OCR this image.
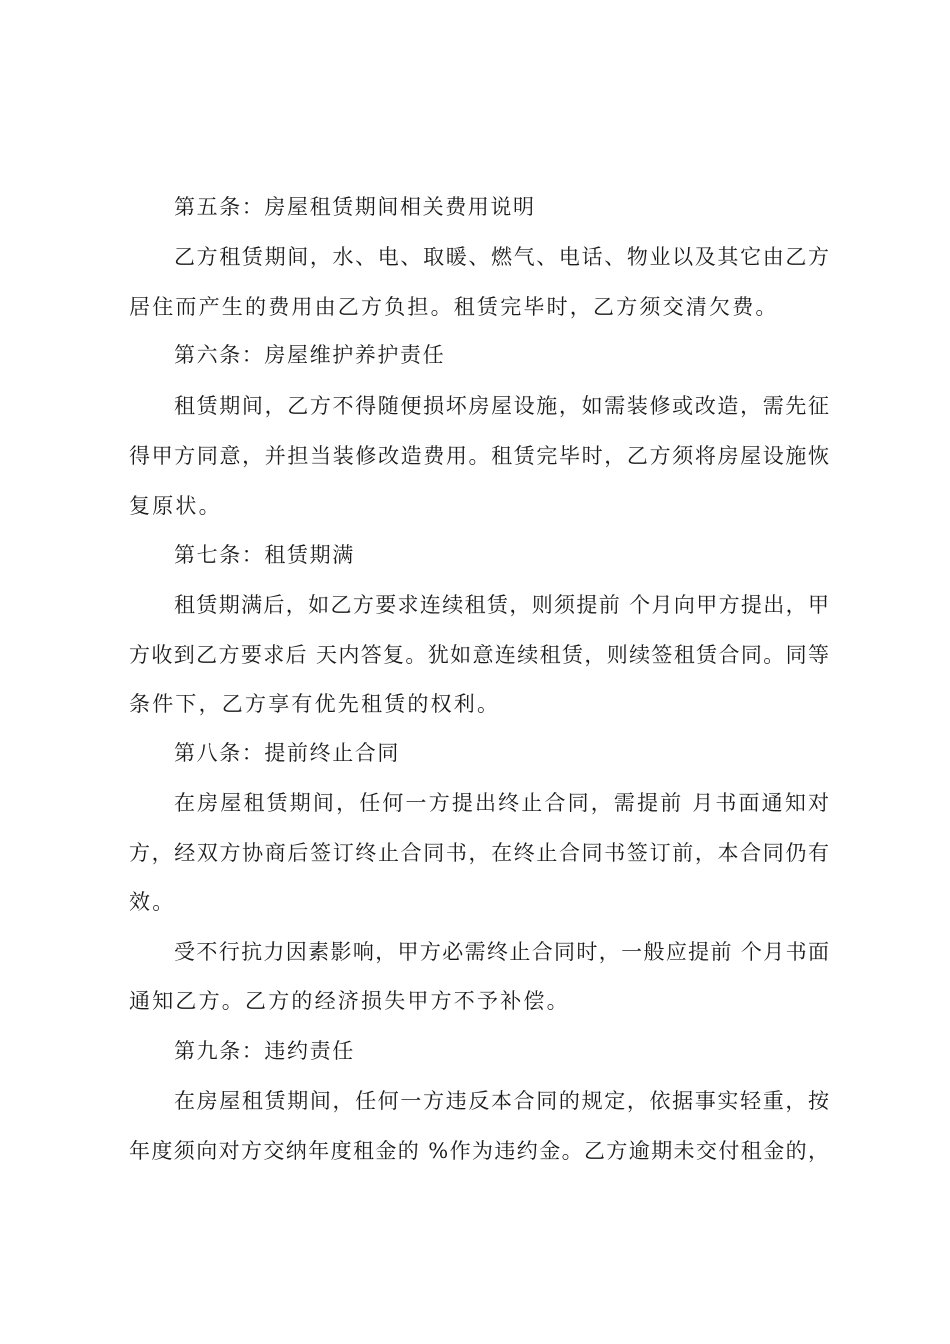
第五条：房屋租赁期间相关费用说明
乙方租赁期间，水、电、取暖、燃气、电话、物业以及其它由乙方
居住而产生的费用由乙方负担。租赁完毕时，乙方须交清欠费。
第六条：房屋维护养护责任
租赁期间，乙方不得随便损坏房屋设施，如需装修或改造，需先征
得甲方同意，并担当装修改造费用。租赁完毕时，乙方须将房屋设施恢
复原状。
第七条：租赁期满
租赁期满后，如乙方要求连续租赁，则须提前 个月向甲方提出，甲
方收到乙方要求后 天内答复。犹如意连续租赁，则续签租赁合同。同等
条件下，乙方享有优先租赁的权利。
第八条：提前终止合同
在房屋租赁期间，任何一方提出终止合同，需提前 月书面通知对
方，经双方协商后签订终止合同书，在终止合同书签订前，本合同仍有
效。
受不行抗力因素影响，甲方必需终止合同时，一般应提前 个月书面
通知乙方。乙方的经济损失甲方不予补偿。
第九条：违约责任
在房屋租赁期间，任何一方违反本合同的规定，依据事实轻重，按
年度须向对方交纳年度租金的 %作为违约金。乙方逾期未交付租金的，
